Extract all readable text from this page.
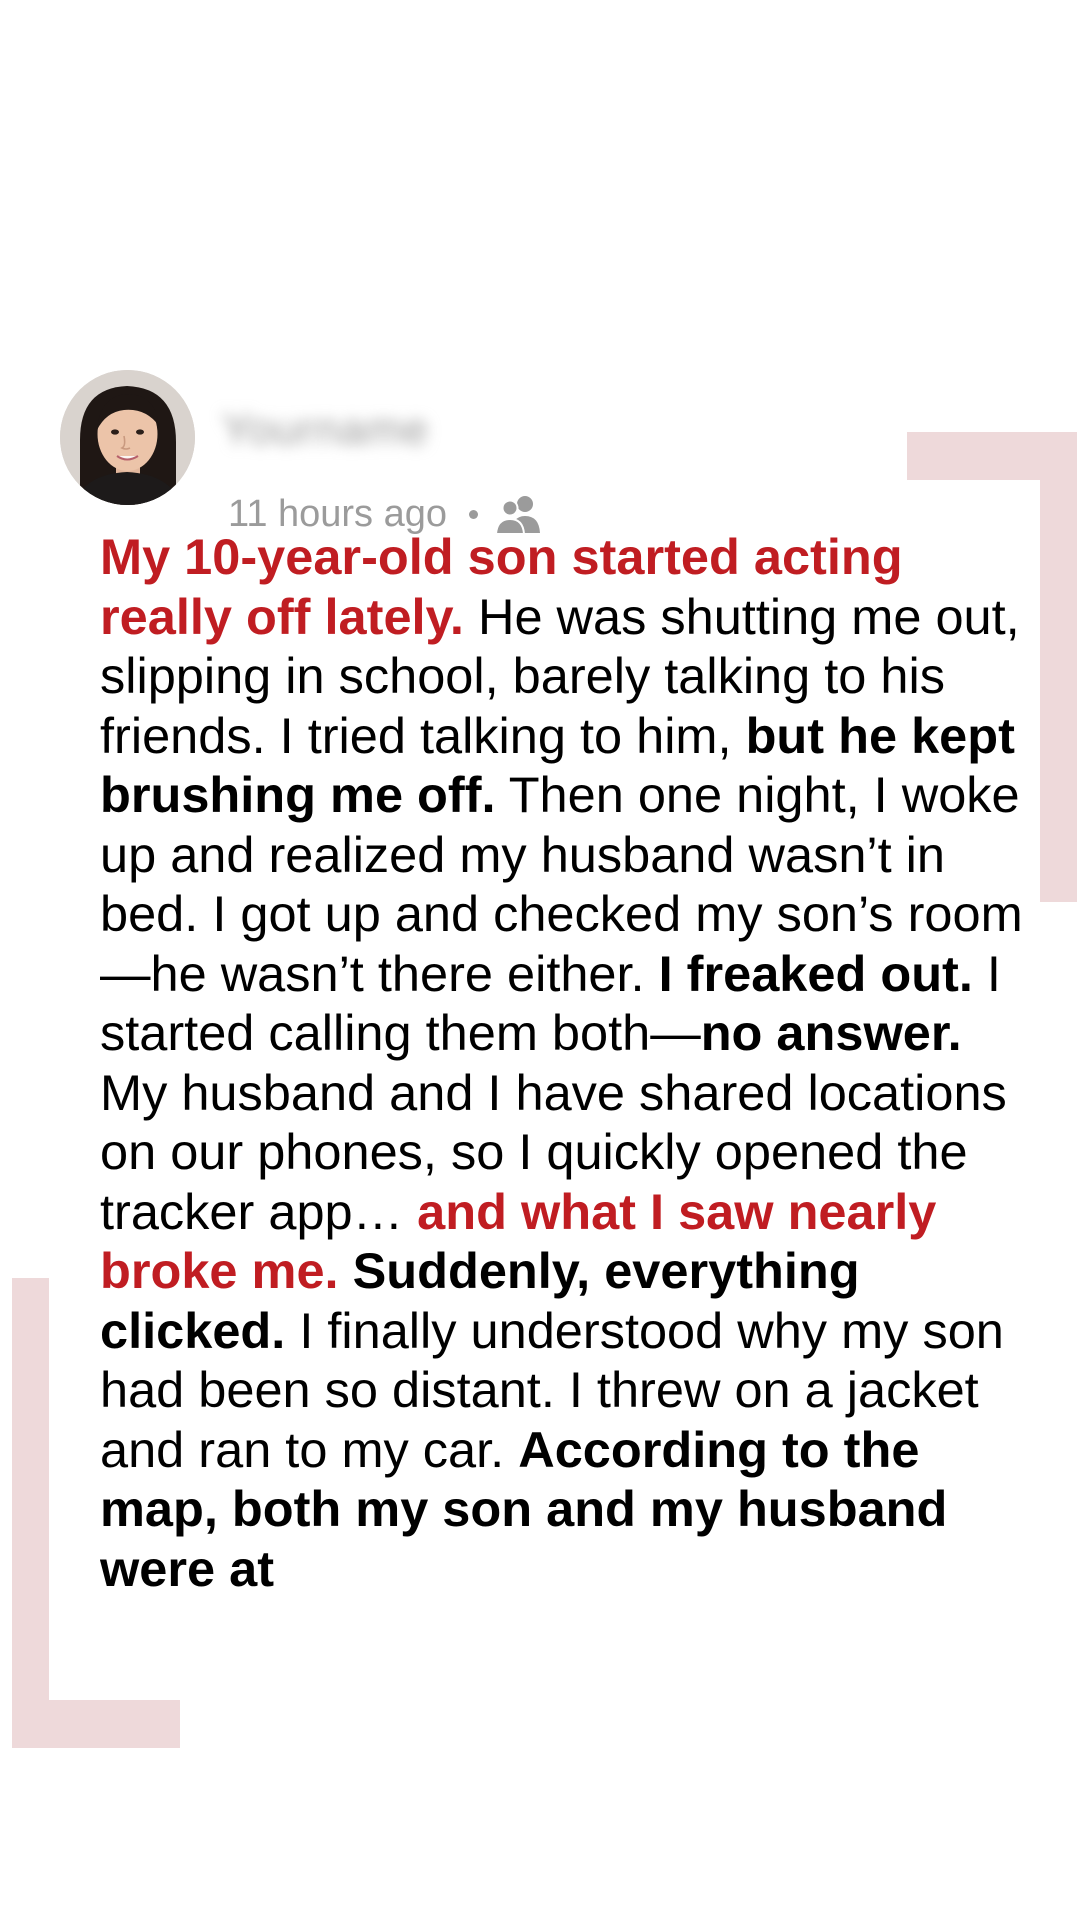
Yourname
11 hours ago

My 10-year-old son started acting really off lately. He was shutting me out, slipping in school, barely talking to his friends. I tried talking to him, but he kept brushing me off. Then one night, I woke up and realized my husband wasn’t in bed. I got up and checked my son’s room—he wasn’t there either. I freaked out. I started calling them both—no answer. My husband and I have shared locations on our phones, so I quickly opened the tracker app… and what I saw nearly broke me. Suddenly, everything clicked. I finally understood why my son had been so distant. I threw on a jacket and ran to my car. According to the map, both my son and my husband were at
